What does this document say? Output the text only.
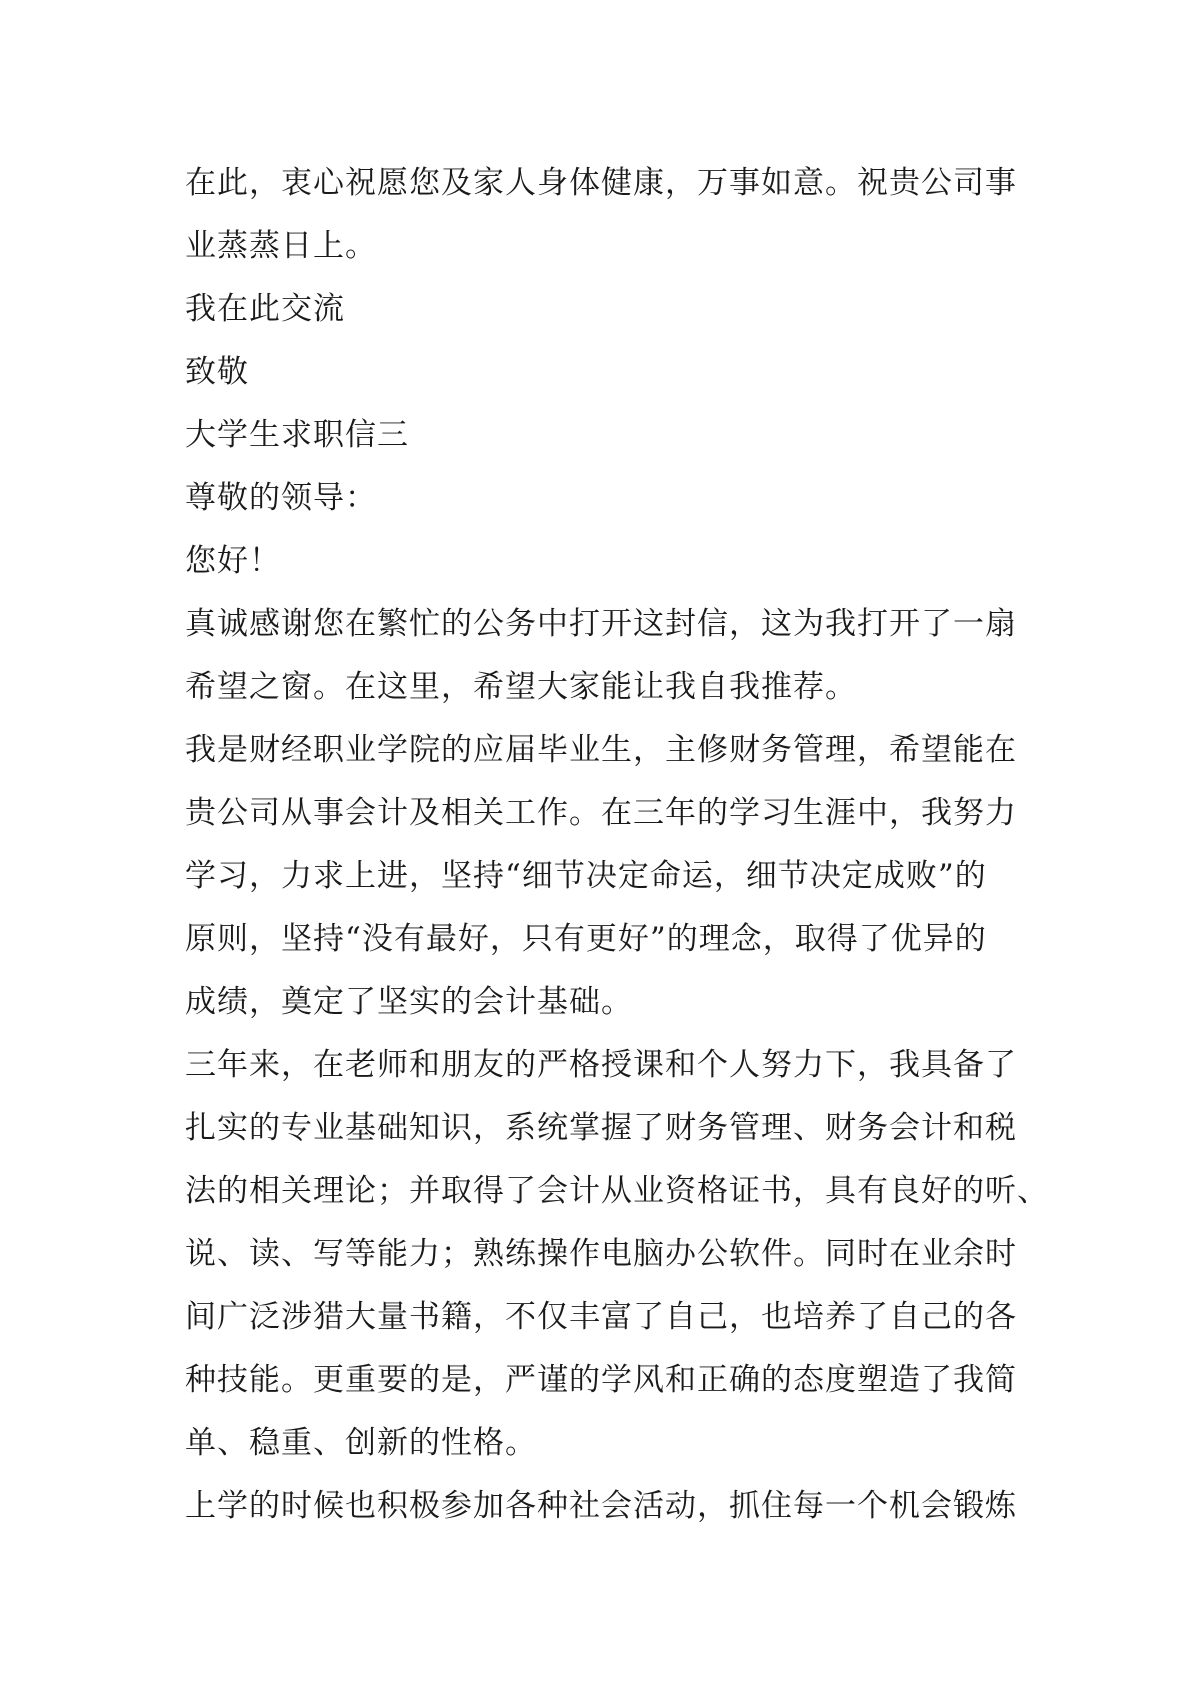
在此，衷心祝愿您及家人身体健康，万事如意。祝贵公司事
业蒸蒸日上。
我在此交流
致敬
大学生求职信三
尊敬的领导：
您好！
真诚感谢您在繁忙的公务中打开这封信，这为我打开了一扇
希望之窗。在这里，希望大家能让我自我推荐。
我是财经职业学院的应届毕业生，主修财务管理，希望能在
贵公司从事会计及相关工作。在三年的学习生涯中，我努力
学习，力求上进，坚持“细节决定命运，细节决定成败”的
原则，坚持“没有最好，只有更好”的理念，取得了优异的
成绩，奠定了坚实的会计基础。
三年来，在老师和朋友的严格授课和个人努力下，我具备了
扎实的专业基础知识，系统掌握了财务管理、财务会计和税
法的相关理论；并取得了会计从业资格证书，具有良好的听、
说、读、写等能力；熟练操作电脑办公软件。同时在业余时
间广泛涉猎大量书籍，不仅丰富了自己，也培养了自己的各
种技能。更重要的是，严谨的学风和正确的态度塑造了我简
单、稳重、创新的性格。
上学的时候也积极参加各种社会活动，抓住每一个机会锻炼
